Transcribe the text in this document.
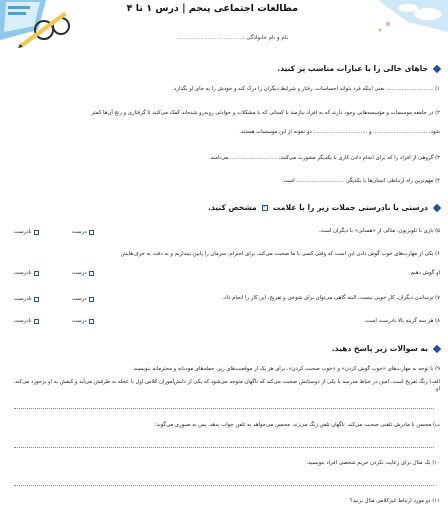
مطالعات اجتماعی پنجم | درس ۱ تا ۴
نام و نام خانوادگی : .....................................
جاهای خالی را با عبارات مناسب پر کنید.
۱) ............................ یعنی اینکه فرد بتواند احساسات، رفتار و شرایط دیگران را درک کند و خودش را به جای او بگذارد.
۲) در جامعه موسسات و مؤسسه‌هایی وجود دارند که به افراد نیازمند یا کسانی که با مشکلات و حوادثی روبه‌رو شده‌اند کمک می‌کنند تا گرفتاری و رنج آن‌ها کمتر
شود. ................................ و ................................ دو نمونه از این موسسات هستند.
۳) گروهی از افراد را که برای انجام دادن کاری با یکدیگر مشورت می‌کنند، ............................ می‌نامند.
۴) مهم‌ترین راه ارتباطی انسان‌ها با یکدیگر، ............................ است.
درستی یا نادرستی جملات زیر را با علامت
✓
مشخص کنید.
۵) بازی با تلویزیون، مثالی از «همدلی» با دیگران است.
درست
نادرست
۶) یکی از مهارت‌های خوب گوش دادن این است که وقتی کسی با ما صحبت می‌کند، برای احترام، سرمان را پایین بیندازیم و به دقت به حرف‌هایش
او گوش دهیم.
درست
نادرست
۷) ترساندن دیگران، کار خوبی نیست، البته گاهی می‌توان برای شوخی و تفریح، این کار را انجام داد.
درست
نادرست
۸) هر سه گزینه بالا نادرست است.
درست
نادرست
به سوالات زیر پاسخ دهید.
۹) با توجه به مهارت‌های «خوب گوش کردن» و «خوب صحبت کردن»، برای هر یک از موقعیت‌های زیر، جمله‌های مودبانه و محترمانه بنویسید.
الف) زنگ تفریح است. امین در حیاط مدرسه با یکی از دوستانش صحبت می‌کند که ناگهان متوجه می‌شود که یکی از دانش‌آموزان کلاس اول با عجله به طرفش می‌آید و کیفش به او برخورد می‌کند. او
ب) محسن با مادرش تلفنی صحبت می‌کند. ناگهان تلفن زنگ می‌زند. محسن می‌خواهد به تلفن جواب بدهد. پس به صبوری می‌گوید:
۱۰) یک مثال برای رعایت نکردن حریم شخصی افراد بنویسید.
۱۱) دو مورد ارتباط غیرکلامی مثال بزنید؟
